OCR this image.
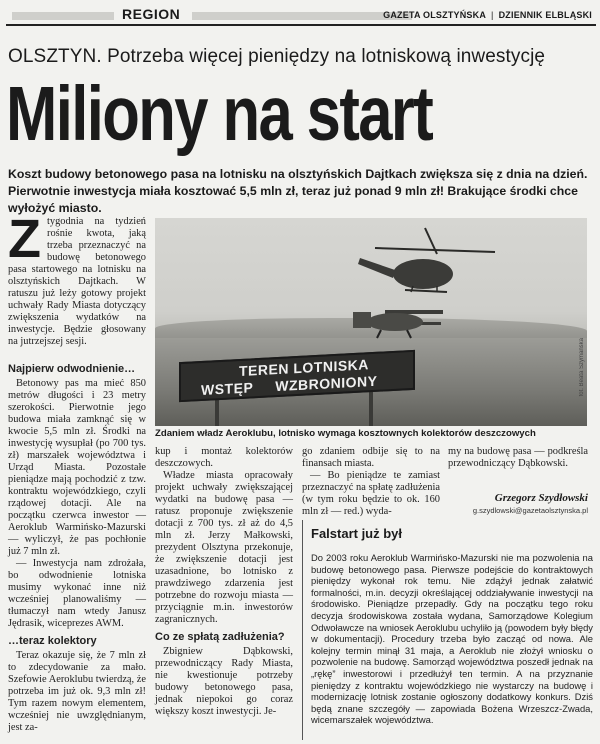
REGION	GAZETA OLSZTYŃSKA | DZIENNIK ELBLĄSKI
OLSZTYN. Potrzeba więcej pieniędzy na lotniskową inwestycję
Miliony na start
Koszt budowy betonowego pasa na lotnisku na olsztyńskich Dajtkach zwiększa się z dnia na dzień. Pierwotnie inwestycja miała kosztować 5,5 mln zł, teraz już ponad 9 mln zł! Brakujące środki chce wyłożyć miasto.
Ztygodnia na tydzień rośnie kwota, jaką trzeba przeznaczyć na budowę betonowego pasa startowego na lotnisku na olsztyńskich Dajtkach. W ratuszu już leży gotowy projekt uchwały Rady Miasta dotyczący zwiększenia wydatków na inwestycje. Będzie głosowany na jutrzejszej sesji.
Najpierw odwodnienie…

Betonowy pas ma mieć 850 metrów długości i 23 metry szerokości. Pierwotnie jego budowa miała zamknąć się w kwocie 5,5 mln zł. Środki na inwestycję wysupłał (po 700 tys. zł) marszałek województwa i Urząd Miasta. Pozostałe pieniądze mają pochodzić z tzw. kontraktu wojewódzkiego, czyli rządowej dotacji. Ale na początku czerwca inwestor — Aeroklub Warmińsko-Mazurski — wyliczył, że pas pochłonie już 7 mln zł.

— Inwestycja nam zdrożała, bo odwodnienie lotniska musimy wykonać inne niż wcześniej planowaliśmy — tłumaczył nam wtedy Janusz Jędrasik, wiceprezes AWM.

…teraz kolektory

Teraz okazuje się, że 7 mln zł to zdecydowanie za mało. Szefowie Aeroklubu twierdzą, że potrzeba im już ok. 9,3 mln zł! Tym razem nowym elementem, wcześniej nie uwzględnianym, jest za-

TEREN LOTNISKA
WSTĘP WZBRONIONY	fot. Beata Szymańska
Zdaniem władz Aeroklubu, lotnisko wymaga kosztownych kolektorów deszczowych

kup i montaż kolektorów deszczowych.

Władze miasta opracowały projekt uchwały zwiększającej wydatki na budowę pasa — ratusz proponuje zwiększenie dotacji z 700 tys. zł aż do 4,5 mln zł. Jerzy Małkowski, prezydent Olsztyna przekonuje, że zwiększenie dotacji jest uzasadnione, bo lotnisko z prawdziwego zdarzenia jest potrzebne do rozwoju miasta — przyciągnie m.in. inwestorów zagranicznych.

Co ze spłatą zadłużenia?

Zbigniew Dąbkowski, przewodniczący Rady Miasta, nie kwestionuje potrzeby budowy betonowego pasa, jednak niepokoi go coraz większy koszt inwestycji. Je-

go zdaniem odbije się to na finansach miasta.

— Bo pieniądze te zamiast przeznaczyć na spłatę zadłużenia (w tym roku będzie to ok. 160 mln zł — red.) wyda-

my na budowę pasa — podkreśla przewodniczący Dąbkowski.

Grzegorz Szydłowski
g.szydlowski@gazetaolsztynska.pl
Falstart już był
Do 2003 roku Aeroklub Warmińsko-Mazurski nie ma pozwolenia na budowę betonowego pasa. Pierwsze podejście do kontraktowych pieniędzy wykonał rok temu. Nie zdążył jednak załatwić formalności, m.in. decyzji określającej oddziaływanie inwestycji na środowisko. Pieniądze przepadły. Gdy na początku tego roku decyzja środowiskowa została wydana, Samorządowe Kolegium Odwoławcze na wniosek Aeroklubu uchyliło ją (powodem były błędy w dokumentacji). Procedury trzeba było zacząć od nowa. Ale kolejny termin minął 31 maja, a Aeroklub nie złożył wniosku o pozwolenie na budowę. Samorząd województwa poszedł jednak na „rękę” inwestorowi i przedłużył ten termin. A na przyznanie pieniędzy z kontraktu wojewódzkiego nie wystarczy na budowę i modernizację lotnisk zostanie ogłoszony dodatkowy konkurs. Dziś będą znane szczegóły — zapowiada Bożena Wrzeszcz-Zwada, wicemarszałek województwa.
